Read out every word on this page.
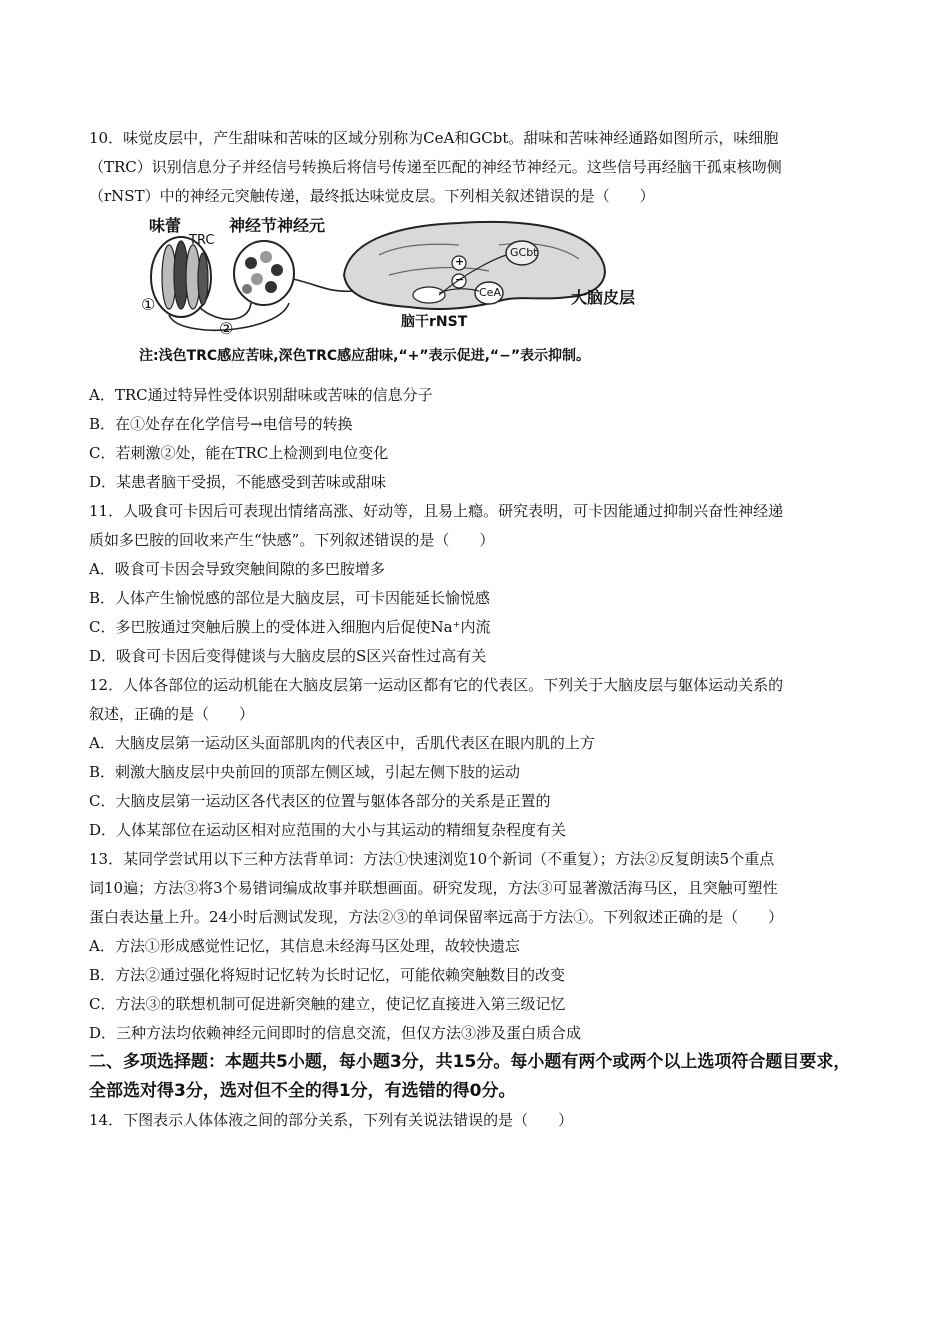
10．味觉皮层中，产生甜味和苦味的区域分别称为CeA和GCbt。甜味和苦味神经通路如图所示，味细胞

（TRC）识别信息分子并经信号转换后将信号传递至匹配的神经节神经元。这些信号再经脑干孤束核吻侧

（rNST）中的神经元突触传递，最终抵达味觉皮层。下列相关叙述错误的是（　　）

味蕾	神经节神经元
TRC
①
②
+
−
GCbt
CeA	大脑皮层
脑干rNST
注:浅色TRC感应苦味,深色TRC感应甜味,“+”表示促进,“−”表示抑制。

A．TRC通过特异性受体识别甜味或苦味的信息分子

B．在①处存在化学信号→电信号的转换

C．若刺激②处，能在TRC上检测到电位变化

D．某患者脑干受损，不能感受到苦味或甜味

11．人吸食可卡因后可表现出情绪高涨、好动等，且易上瘾。研究表明，可卡因能通过抑制兴奋性神经递

质如多巴胺的回收来产生“快感”。下列叙述错误的是（　　）

A．吸食可卡因会导致突触间隙的多巴胺增多

B．人体产生愉悦感的部位是大脑皮层，可卡因能延长愉悦感

C．多巴胺通过突触后膜上的受体进入细胞内后促使Na⁺内流

D．吸食可卡因后变得健谈与大脑皮层的S区兴奋性过高有关

12．人体各部位的运动机能在大脑皮层第一运动区都有它的代表区。下列关于大脑皮层与躯体运动关系的

叙述，正确的是（　　）

A．大脑皮层第一运动区头面部肌肉的代表区中，舌肌代表区在眼内肌的上方

B．刺激大脑皮层中央前回的顶部左侧区域，引起左侧下肢的运动

C．大脑皮层第一运动区各代表区的位置与躯体各部分的关系是正置的

D．人体某部位在运动区相对应范围的大小与其运动的精细复杂程度有关

13．某同学尝试用以下三种方法背单词：方法①快速浏览10个新词（不重复）；方法②反复朗读5个重点

词10遍；方法③将3个易错词编成故事并联想画面。研究发现，方法③可显著激活海马区，且突触可塑性

蛋白表达量上升。24小时后测试发现，方法②③的单词保留率远高于方法①。下列叙述正确的是（　　）

A．方法①形成感觉性记忆，其信息未经海马区处理，故较快遗忘

B．方法②通过强化将短时记忆转为长时记忆，可能依赖突触数目的改变

C．方法③的联想机制可促进新突触的建立，使记忆直接进入第三级记忆

D．三种方法均依赖神经元间即时的信息交流，但仅方法③涉及蛋白质合成

二、多项选择题：本题共5小题，每小题3分，共15分。每小题有两个或两个以上选项符合题目要求，全部选对得3分，选对但不全的得1分，有选错的得0分。

14．下图表示人体体液之间的部分关系，下列有关说法错误的是（　　）
